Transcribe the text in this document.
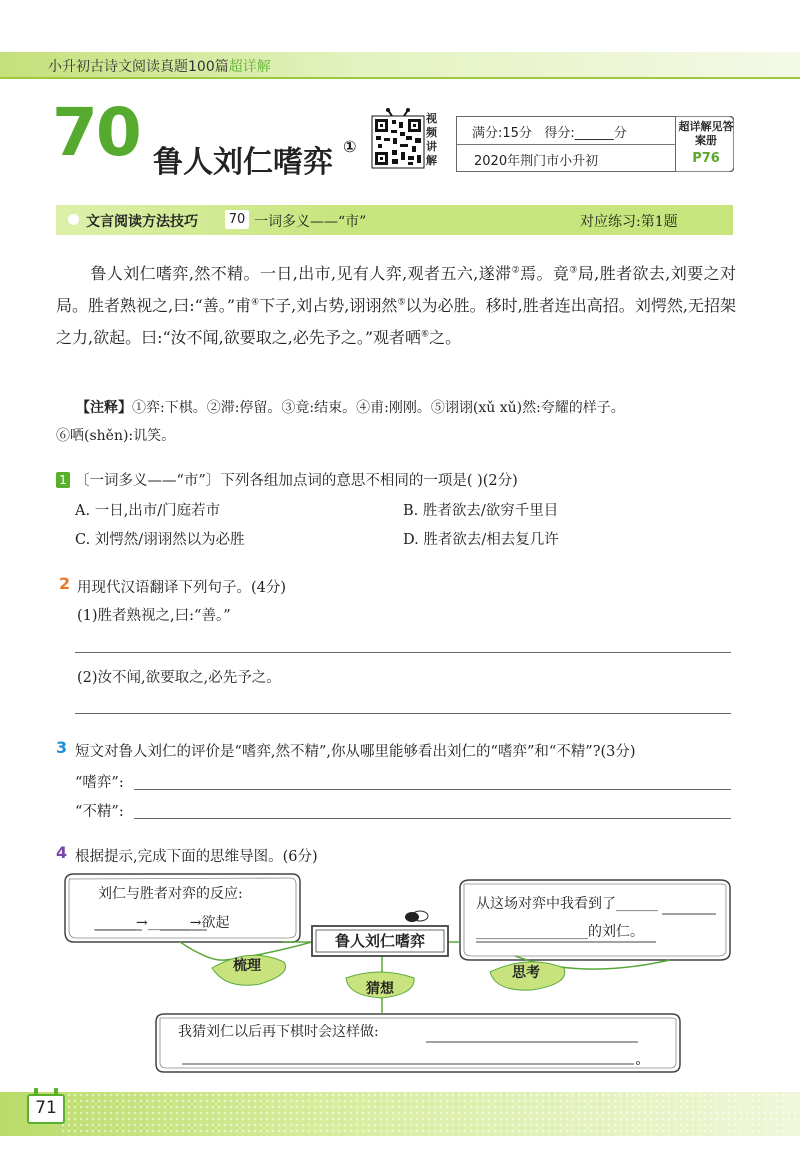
小升初古诗文阅读真题100篇超详解
70 鲁人刘仁嗜弈 ①
视频讲解
满分:15分 得分:______分
2020年荆门市小升初
超详解见答案册
P76
文言阅读方法技巧 70 一词多义——“市”	对应练习:第1题
鲁人刘仁嗜弈,然不精。一日,出市,见有人弈,观者五六,遂滞②焉。竟③局,胜者欲去,刘要之对局。胜者熟视之,曰:“善。”甫④下子,刘占势,诩诩然⑤以为必胜。移时,胜者连出高招。刘愕然,无招架之力,欲起。曰:“汝不闻,欲要取之,必先予之。”观者哂⑥之。
【注释】①弈:下棋。②滞:停留。③竟:结束。④甫:刚刚。⑤诩诩(xǔ xǔ)然:夸耀的样子。
⑥哂(shěn):讥笑。
1 〔一词多义——“市”〕下列各组加点词的意思不相同的一项是( )(2分)
A. 一日,出市/门庭若市	B. 胜者欲去/欲穷千里目
C. 刘愕然/诩诩然以为必胜	D. 胜者欲去/相去复几许
2 用现代汉语翻译下列句子。(4分)
(1)胜者熟视之,曰:“善。”
(2)汝不闻,欲要取之,必先予之。
3 短文对鲁人刘仁的评价是“嗜弈,然不精”,你从哪里能够看出刘仁的“嗜弈”和“不精”?(3分)
“嗜弈”:
“不精”:
4 根据提示,完成下面的思维导图。(6分)
刘仁与胜者对弈的反应:
______→______→欲起
从这场对弈中我看到了______
________________的刘仁。
鲁人刘仁嗜弈
梳理
猜想
思考
我猜刘仁以后再下棋时会这样做:
71
